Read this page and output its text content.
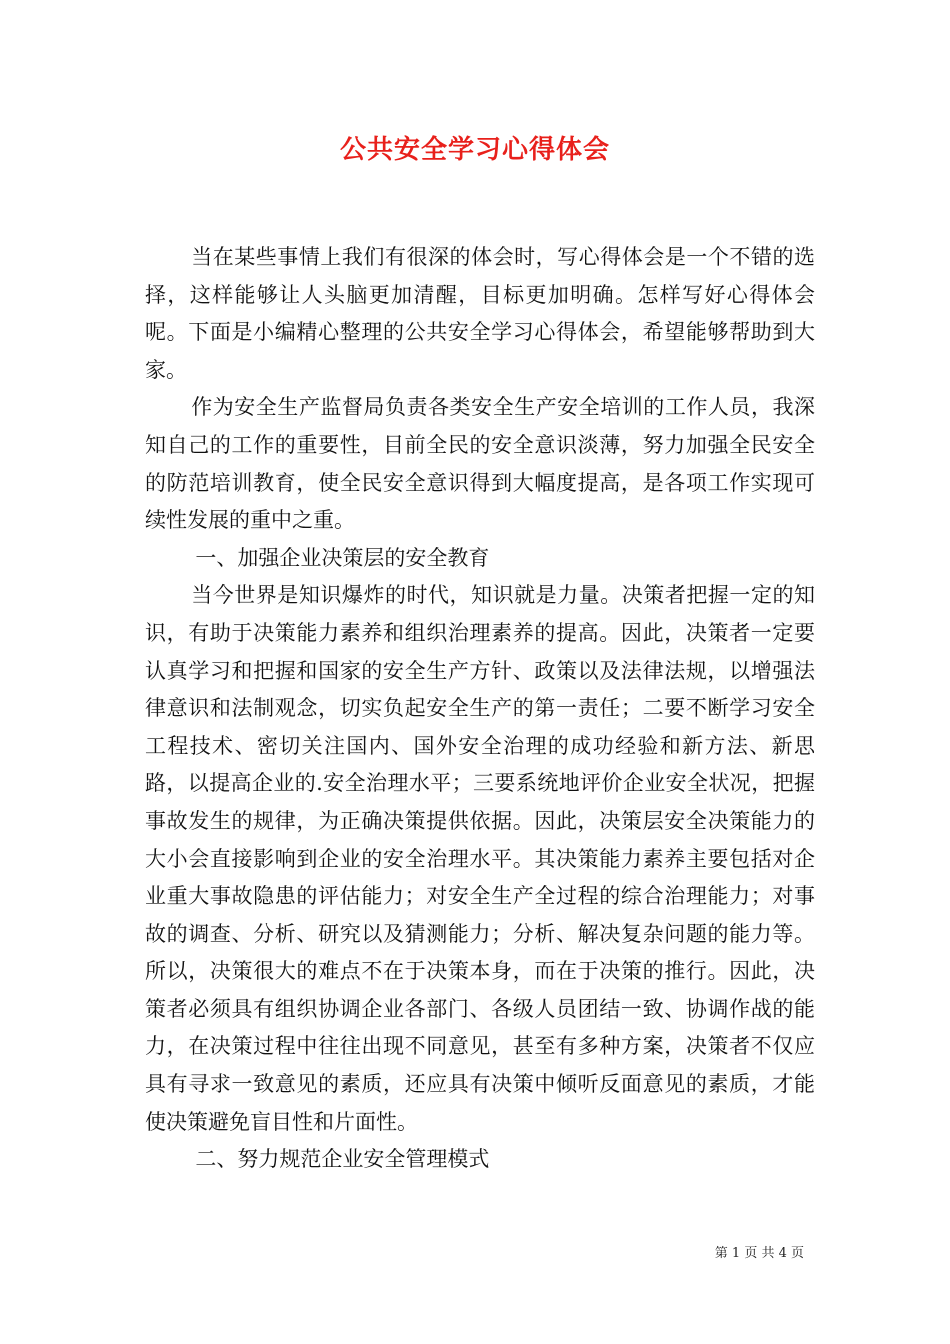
公共安全学习心得体会

当在某些事情上我们有很深的体会时，写心得体会是一个不错的选择，这样能够让人头脑更加清醒，目标更加明确。怎样写好心得体会呢。下面是小编精心整理的公共安全学习心得体会，希望能够帮助到大家。

作为安全生产监督局负责各类安全生产安全培训的工作人员，我深知自己的工作的重要性，目前全民的安全意识淡薄，努力加强全民安全的防范培训教育，使全民安全意识得到大幅度提高，是各项工作实现可续性发展的重中之重。

一、加强企业决策层的安全教育

当今世界是知识爆炸的时代，知识就是力量。决策者把握一定的知识，有助于决策能力素养和组织治理素养的提高。因此，决策者一定要认真学习和把握和国家的安全生产方针、政策以及法律法规，以增强法律意识和法制观念，切实负起安全生产的第一责任；二要不断学习安全工程技术、密切关注国内、国外安全治理的成功经验和新方法、新思路，以提高企业的.安全治理水平；三要系统地评价企业安全状况，把握事故发生的规律，为正确决策提供依据。因此，决策层安全决策能力的大小会直接影响到企业的安全治理水平。其决策能力素养主要包括对企业重大事故隐患的评估能力；对安全生产全过程的综合治理能力；对事故的调查、分析、研究以及猜测能力；分析、解决复杂问题的能力等。所以，决策很大的难点不在于决策本身，而在于决策的推行。因此，决策者必须具有组织协调企业各部门、各级人员团结一致、协调作战的能力，在决策过程中往往出现不同意见，甚至有多种方案，决策者不仅应具有寻求一致意见的素质，还应具有决策中倾听反面意见的素质，才能使决策避免盲目性和片面性。

二、努力规范企业安全管理模式

第 1 页 共 4 页
